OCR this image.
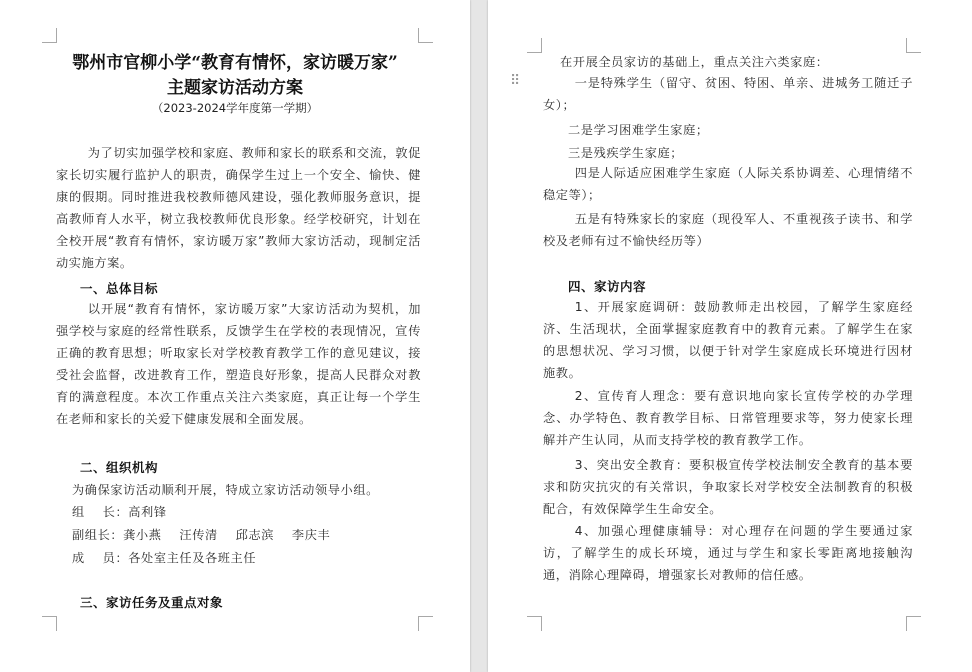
鄂州市官柳小学“教育有情怀，家访暖万家”
主题家访活动方案

（2023-2024学年度第一学期）

为了切实加强学校和家庭、教师和家长的联系和交流，敦促家长切实履行监护人的职责，确保学生过上一个安全、愉快、健康的假期。同时推进我校教师德风建设，强化教师服务意识，提高教师育人水平，树立我校教师优良形象。经学校研究，计划在全校开展“教育有情怀，家访暖万家”教师大家访活动，现制定活动实施方案。

一、总体目标

以开展“教育有情怀，家访暖万家”大家访活动为契机，加强学校与家庭的经常性联系，反馈学生在学校的表现情况，宣传正确的教育思想；听取家长对学校教育教学工作的意见建议，接受社会监督，改进教育工作，塑造良好形象，提高人民群众对教育的满意程度。本次工作重点关注六类家庭，真正让每一个学生在老师和家长的关爱下健康发展和全面发展。

二、组织机构

为确保家访活动顺利开展，特成立家访活动领导小组。

组    长：高利锋

副组长：龚小燕    汪传清    邱志滨    李庆丰

成    员：各处室主任及各班主任

三、家访任务及重点对象

在开展全员家访的基础上，重点关注六类家庭：

一是特殊学生（留守、贫困、特困、单亲、进城务工随迁子女）；

二是学习困难学生家庭；

三是残疾学生家庭；

四是人际适应困难学生家庭（人际关系协调差、心理情绪不稳定等）；

五是有特殊家长的家庭（现役军人、不重视孩子读书、和学校及老师有过不愉快经历等）

四、家访内容

1、开展家庭调研：鼓励教师走出校园，了解学生家庭经济、生活现状，全面掌握家庭教育中的教育元素。了解学生在家的思想状况、学习习惯，以便于针对学生家庭成长环境进行因材施教。

2、宣传育人理念：要有意识地向家长宣传学校的办学理念、办学特色、教育教学目标、日常管理要求等，努力使家长理解并产生认同，从而支持学校的教育教学工作。

3、突出安全教育：要积极宣传学校法制安全教育的基本要求和防灾抗灾的有关常识，争取家长对学校安全法制教育的积极配合，有效保障学生生命安全。

4、加强心理健康辅导：对心理存在问题的学生要通过家访，了解学生的成长环境，通过与学生和家长零距离地接触沟通，消除心理障碍，增强家长对教师的信任感。

⠿
